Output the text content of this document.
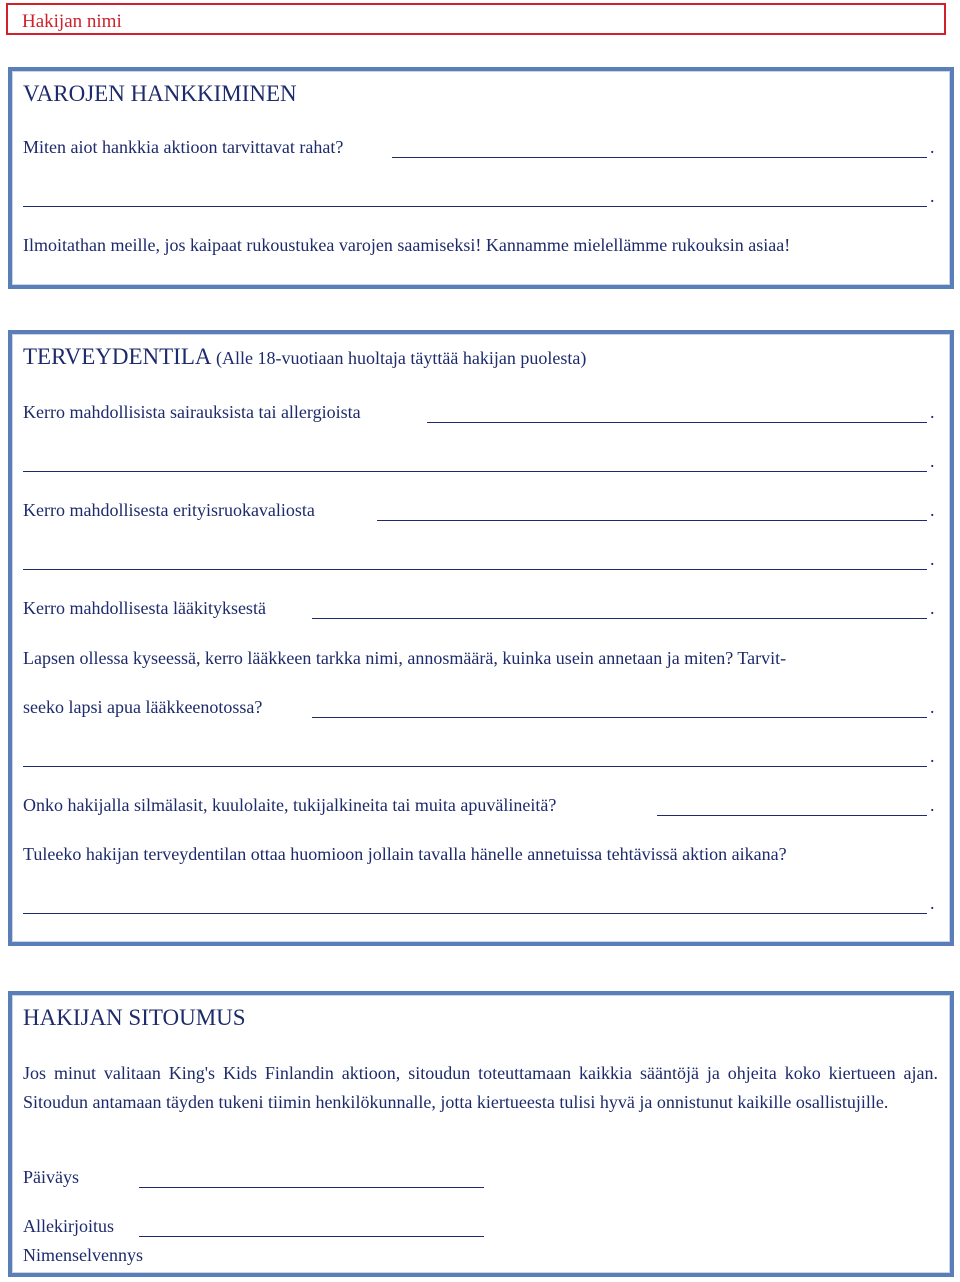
Hakijan nimi
VAROJEN HANKKIMINEN
Miten aiot hankkia aktioon tarvittavat rahat?	.
.
Ilmoitathan meille, jos kaipaat rukoustukea varojen saamiseksi! Kannamme mielellämme rukouksin asiaa!
TERVEYDENTILA (Alle 18-vuotiaan huoltaja täyttää hakijan puolesta)
Kerro mahdollisista sairauksista tai allergioista	.
.
Kerro mahdollisesta erityisruokavaliosta	.
.
Kerro mahdollisesta lääkityksestä	.
Lapsen ollessa kyseessä, kerro lääkkeen tarkka nimi, annosmäärä, kuinka usein annetaan ja miten? Tarvit-
seeko lapsi apua lääkkeenotossa?	.
.
Onko hakijalla silmälasit, kuulolaite, tukijalkineita tai muita apuvälineitä?	.
Tuleeko hakijan terveydentilan ottaa huomioon jollain tavalla hänelle annetuissa tehtävissä aktion aikana?
.
HAKIJAN SITOUMUS
Jos minut valitaan King's Kids Finlandin aktioon, sitoudun toteuttamaan kaikkia sääntöjä ja ohjeita koko kiertueen ajan. Sitoudun antamaan täyden tukeni tiimin henkilökunnalle, jotta kiertueesta tulisi hyvä ja onnistunut kaikille osallistujille.
Päiväys
Allekirjoitus
Nimenselvennys
